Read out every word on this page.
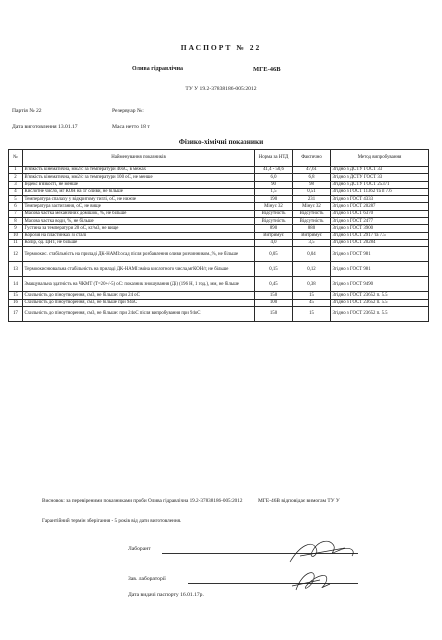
ПАСПОРТ № 22
Олива гідравлічна	МГЕ-46В
ТУ У 19.2-37838186-005:2012
Партія № 22	Резервуар №:
Дата виготовлення 13.01.17	Маса нетто 18 т
Фізико-хімічні показники
№	Найменування показників	Норма за НТД	Фактично	Метод випробування
1	В'язкість кінематична, мм2/с за температури 40оС, в межах	41,4 - 50,6	47,61	Згідно з ДСТУ ГОСТ 33
2	В'язкість кінематична, мм2/с за температури 100 оС, не менше	6,0	6,8	Згідно з ДСТУ ГОСТ 33
3	Індекс в'язкості, не менше	90	98	Згідно з ДСТУ ГОСТ 25371
4	Кислотне число, мг КОН на 1г оливи, не більше	1,5	0,51	Згідно з ГОСТ 11362 та п 7.6
5	Температура спалаху у відкритому тиглі, оС, не нижче	190	231	Згідно з ГОСТ 4333
6	Температура застигання, оС, не вище	Мінус 32	Мінус 32	Згідно з ГОСТ 20287
7	Масова частка механічних домішок, %, не більше	Відсутність	Відсутність	Згідно з ГОСТ 6370
8	Масова частка води, %, не більше	Відсутність	Відсутність	Згідно з ГОСТ 2477
9	Густина за температури 20 оС, кг/м3, не вище	890	880	Згідно з ГОСТ 3900
10	Корозія на пластинках зі сталі	Витримує	Витримує	Згідно з ГОСТ 2917 та 7.5
11	Колір, од. ЦНТ, не більше	4,0	3,5	Згідно з ГОСТ 20284
12	Термоокис. стабільність на приладі ДК-НАМІ:осад після розбавлення оливи розчинником.,%, не більше	0,05	0,04	Згідно з ГОСТ 981
13	Термоокиснювальна стабільність на приладі ДК-НАМІ:зміна кислотного числа,мгКОН/г, не більше	0,15	0,12	Згідно з ГОСТ 981
14	Змащувальна здатність на ЧКМТ (Т=20+/-5) оС: показник зношування (Ді) (196 Н, 1 год.), мм, не більше	0,45	0,38	Згідно з ГОСТ 9490
15	Схильність до піноутворення, см3, не більше: при 24 оС	150	15	Згідно з ГОСТ 23652 п. 5.5
16	Схильність до піноутворення, см3, не більше при 94оС	100	45	Згідно з ГОСТ 23652 п. 5.5
17	Схильність до піноутворення, см3, не більше: при 24оС після випробування при 94оС	150	15	Згідно з ГОСТ 23652 п. 5.5
Висновок: за перевіреними показниками проби Олива гідравлічна 19.2-37838186-005:2012	МГЕ-46В відповідає вимогам ТУ У
Гарантійний термін зберігання - 5 років від дати виготовлення.
Лаборант
Зав. лабораторії
Дата видачі паспорту 16.01.17р.
